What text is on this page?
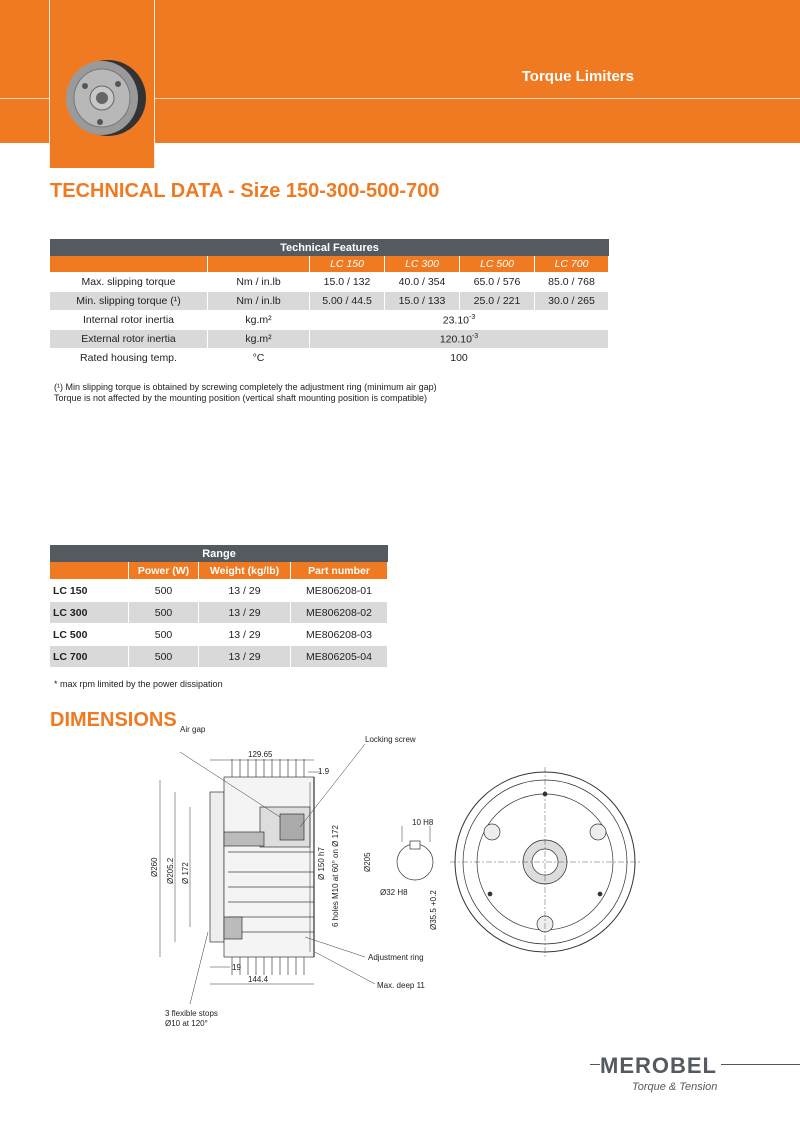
Torque Limiters
TECHNICAL DATA - Size 150-300-500-700
Technical Features					
		LC 150	LC 300	LC 500	LC 700
Max. slipping torque	Nm / in.lb	15.0 / 132	40.0 / 354	65.0 / 576	85.0 / 768
Min. slipping torque (¹)	Nm / in.lb	5.00 / 44.5	15.0 / 133	25.0 / 221	30.0 / 265
Internal rotor inertia	kg.m²	$23.10^{-3}$
External rotor inertia	kg.m²	$120.10^{-3}$
Rated housing temp.	°C	100			
(¹) Min slipping torque is obtained by screwing completely the adjustment ring (minimum air gap)
Torque is not affected by the mounting position (vertical shaft mounting position is compatible)
Range			
	Power (W)	Weight (kg/lb)	Part number
LC 150	500	13 / 29	ME806208-01
LC 300	500	13 / 29	ME806208-02
LC 500	500	13 / 29	ME806208-03
LC 700	500	13 / 29	ME806205-04
* max rpm limited by the power dissipation
DIMENSIONS Air gap
Locking screw
129.65
1.9
Ø260 Ø205.2 Ø 172	Ø 150 h7 6 holes M10 at 60° on Ø 172	Ø205
10 H8
Ø32 H8	Ø35.5 +0.2
Adjustment ring
Max. deep 11
19
144.4
3 flexible stops
Ø10 at 120°
MEROBEL
Torque & Tension
